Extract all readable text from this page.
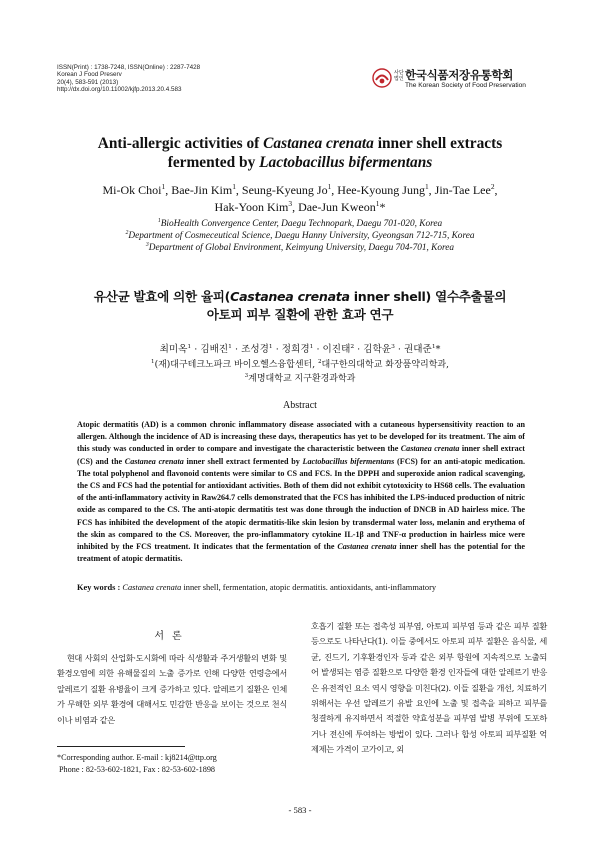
ISSN(Print) : 1738-7248, ISSN(Online) : 2287-7428
Korean J Food Preserv
20(4), 583-591 (2013)
http://dx.doi.org/10.11002/kjfp.2013.20.4.583
사단 법인 한국식품저장유통학회
The Korean Society of Food Preservation
Anti-allergic activities of Castanea crenata inner shell extracts
fermented by Lactobacillus bifermentans
Mi-Ok Choi$^1$, Bae-Jin Kim$^1$, Seung-Kyeung Jo$^1$, Hee-Kyoung Jung$^1$, Jin-Tae Lee$^2$,
Hak-Yoon Kim$^3$, Dae-Jun Kweon$^1$*
$^1$BioHealth Convergence Center, Daegu Technopark, Daegu 701-020, Korea
$^2$Department of Cosmeceutical Science, Daegu Hanny University, Gyeongsan 712-715, Korea
$^3$Department of Global Environment, Keimyung University, Daegu 704-701, Korea
유산균 발효에 의한 율피(Castanea crenata inner shell) 열수추출물의
아토피 피부 질환에 관한 효과 연구
최미옥$^1$ · 김배진$^1$ · 조성경$^1$ · 정희경$^1$ · 이진태$^2$ · 김학윤$^3$ · 권대준$^1$*
$^1$(재)대구테크노파크 바이오헬스융합센터, $^2$대구한의대학교 화장품약리학과,
$^3$계명대학교 지구환경과학과
Abstract
Atopic dermatitis (AD) is a common chronic inflammatory disease associated with a cutaneous hypersensitivity reaction to an allergen. Although the incidence of AD is increasing these days, therapeutics has yet to be developed for its treatment. The aim of this study was conducted in order to compare and investigate the characteristic between the Castanea crenata inner shell extract (CS) and the Castanea crenata inner shell extract fermented by Lactobacillus bifermentans (FCS) for an anti-atopic medication. The total polyphenol and flavonoid contents were similar to CS and FCS. In the DPPH and superoxide anion radical scavenging, the CS and FCS had the potential for antioxidant activities. Both of them did not exhibit cytotoxicity to HS68 cells. The evaluation of the anti-inflammatory activity in Raw264.7 cells demonstrated that the FCS has inhibited the LPS-induced production of nitric oxide as compared to the CS. The anti-atopic dermatitis test was done through the induction of DNCB in AD hairless mice. The FCS has inhibited the development of the atopic dermatitis-like skin lesion by transdermal water loss, melanin and erythema of the skin as compared to the CS. Moreover, the pro-inflammatory cytokine IL-1β and TNF-α production in hairless mice were inhibited by the FCS treatment. It indicates that the fermentation of the Castanea crenata inner shell has the potential for the treatment of atopic dermatitis.
Key words : Castanea crenata inner shell, fermentation, atopic dermatitis. antioxidants, anti-inflammatory
서론
현대 사회의 산업화·도시화에 따라 식생활과 주거생활의 변화 및 환경오염에 의한 유해물질의 노출 증가로 인해 다양한 연령층에서 알레르기 질환 유병율이 크게 증가하고 있다. 알레르기 질환은 인체가 무해한 외부 환경에 대해서도 민감한 반응을 보이는 것으로 천식이나 비염과 같은
호흡기 질환 또는 접촉성 피부염, 아토피 피부염 등과 같은 피부 질환 등으로도 나타난다(1). 이들 중에서도 아토피 피부 질환은 음식물, 세균, 진드기, 기후환경인자 등과 같은 외부 항원에 지속적으로 노출되어 발생되는 염증 질환으로 다양한 환경 인자들에 대한 알레르기 반응은 유전적인 요소 역시 영향을 미친다(2). 이들 질환을 개선, 치료하기 위해서는 우선 알레르기 유발 요인에 노출 및 접촉을 피하고 피부를 청결하게 유지하면서 적절한 약효성분을 피부염 발병 부위에 도포하거나 전신에 투여하는 방법이 있다. 그러나 합성 아토피 피부질환 억제제는 가격이 고가이고, 외
*Corresponding author. E-mail : kj8214@ttp.org
Phone : 82-53-602-1821, Fax : 82-53-602-1898
- 583 -
